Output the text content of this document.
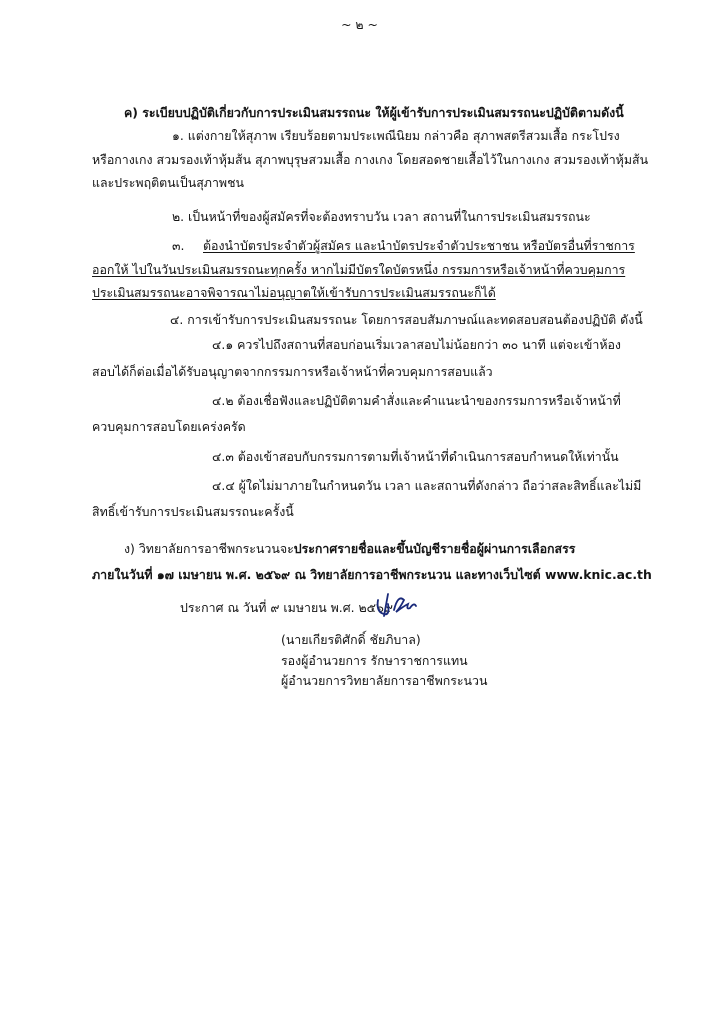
~ ๒ ~
ค) ระเบียบปฏิบัติเกี่ยวกับการประเมินสมรรถนะ ให้ผู้เข้ารับการประเมินสมรรถนะปฏิบัติตามดังนี้
๑. แต่งกายให้สุภาพ เรียบร้อยตามประเพณีนิยม กล่าวคือ สุภาพสตรีสวมเสื้อ กระโปรง
หรือกางเกง สวมรองเท้าหุ้มส้น สุภาพบุรุษสวมเสื้อ กางเกง โดยสอดชายเสื้อไว้ในกางเกง สวมรองเท้าหุ้มส้น
และประพฤติตนเป็นสุภาพชน
๒. เป็นหน้าที่ของผู้สมัครที่จะต้องทราบวัน เวลา สถานที่ในการประเมินสมรรถนะ
๓. ต้องนำบัตรประจำตัวผู้สมัคร และนำบัตรประจำตัวประชาชน หรือบัตรอื่นที่ราชการ
ออกให้ ไปในวันประเมินสมรรถนะทุกครั้ง หากไม่มีบัตรใดบัตรหนึ่ง กรรมการหรือเจ้าหน้าที่ควบคุมการ
ประเมินสมรรถนะอาจพิจารณาไม่อนุญาตให้เข้ารับการประเมินสมรรถนะก็ได้
๔. การเข้ารับการประเมินสมรรถนะ โดยการสอบสัมภาษณ์และทดสอบสอนต้องปฏิบัติ ดังนี้
๔.๑ ควรไปถึงสถานที่สอบก่อนเริ่มเวลาสอบไม่น้อยกว่า ๓๐ นาที แต่จะเข้าห้อง
สอบได้ก็ต่อเมื่อได้รับอนุญาตจากกรรมการหรือเจ้าหน้าที่ควบคุมการสอบแล้ว
๔.๒ ต้องเชื่อฟังและปฏิบัติตามคำสั่งและคำแนะนำของกรรมการหรือเจ้าหน้าที่
ควบคุมการสอบโดยเคร่งครัด
๔.๓ ต้องเข้าสอบกับกรรมการตามที่เจ้าหน้าที่ดำเนินการสอบกำหนดให้เท่านั้น
๔.๔ ผู้ใดไม่มาภายในกำหนดวัน เวลา และสถานที่ดังกล่าว ถือว่าสละสิทธิ์และไม่มี
สิทธิ์เข้ารับการประเมินสมรรถนะครั้งนี้
ง) วิทยาลัยการอาชีพกระนวนจะประกาศรายชื่อและขึ้นบัญชีรายชื่อผู้ผ่านการเลือกสรร
ภายในวันที่ ๑๗ เมษายน พ.ศ. ๒๕๖๙ ณ วิทยาลัยการอาชีพกระนวน และทางเว็บไซต์ www.knic.ac.th
ประกาศ ณ วันที่ ๙ เมษายน พ.ศ. ๒๕๖๙
(นายเกียรติศักดิ์ ชัยภิบาล)
รองผู้อำนวยการ รักษาราชการแทน
ผู้อำนวยการวิทยาลัยการอาชีพกระนวน
